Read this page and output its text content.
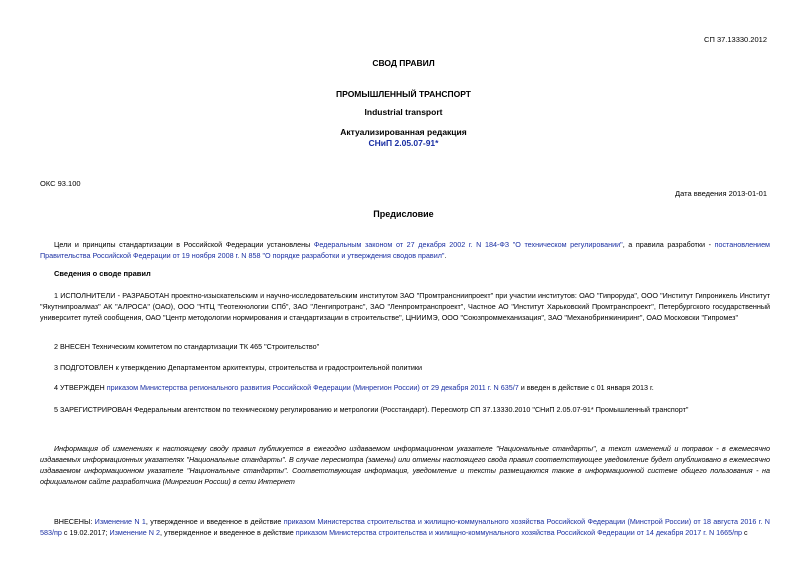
СП 37.13330.2012
СВОД ПРАВИЛ
ПРОМЫШЛЕННЫЙ ТРАНСПОРТ
Industrial transport
Актуализированная редакция
СНиП 2.05.07-91*
ОКС 93.100
Дата введения 2013-01-01
Предисловие
Цели и принципы стандартизации в Российской Федерации установлены Федеральным законом от 27 декабря 2002 г. N 184-ФЗ "О техническом регулировании", а правила разработки - постановлением Правительства Российской Федерации от 19 ноября 2008 г. N 858 "О порядке разработки и утверждения сводов правил".
Сведения о своде правил
1 ИСПОЛНИТЕЛИ - РАЗРАБОТАН проектно-изыскательским и научно-исследовательским институтом ЗАО "Промтрансниипроект" при участии институтов: ОАО "Гипроруда", ООО "Институт Гипроникель Институт "Якутнипроалмаз" АК "АЛРОСА" (ОАО), ООО "НТЦ "Геотехнологии СПб", ЗАО "Ленгипротранс", ЗАО "Ленпромтранспроект", Частное АО "Институт Харьковский Промтранспроект", Петербургского государственный университет путей сообщения, ОАО "Центр методологии нормирования и стандартизации в строительстве", ЦНИИМЭ, ООО "Союзпроммеханизация", ЗАО "Механобринжиниринг", ОАО Московски "Гипромез"
2 ВНЕСЕН Техническим комитетом по стандартизации ТК 465 "Строительство"
3 ПОДГОТОВЛЕН к утверждению Департаментом архитектуры, строительства и градостроительной политики
4 УТВЕРЖДЕН приказом Министерства регионального развития Российской Федерации (Минрегион России) от 29 декабря 2011 г. N 635/7 и введен в действие с 01 января 2013 г.
5 ЗАРЕГИСТРИРОВАН Федеральным агентством по техническому регулированию и метрологии (Росстандарт). Пересмотр СП 37.13330.2010 "СНиП 2.05.07-91* Промышленный транспорт"
Информация об изменениях к настоящему своду правил публикуется в ежегодно издаваемом информационном указателе "Национальные стандарты", а текст изменений и поправок - в ежемесячно издаваемых информационных указателях "Национальные стандарты". В случае пересмотра (замены) или отмены настоящего свода правил соответствующее уведомление будет опубликовано в ежемесячно издаваемом информационном указателе "Национальные стандарты". Соответствующая информация, уведомление и тексты размещаются также в информационной системе общего пользования - на официальном сайте разработчика (Минрегион России) в сети Интернет
ВНЕСЕНЫ: Изменение N 1, утвержденное и введенное в действие приказом Министерства строительства и жилищно-коммунального хозяйства Российской Федерации (Минстрой России) от 18 августа 2016 г. N 583/пр с 19.02.2017; Изменение N 2, утвержденное и введенное в действие приказом Министерства строительства и жилищно-коммунального хозяйства Российской Федерации от 14 декабря 2017 г. N 1665/пр с
